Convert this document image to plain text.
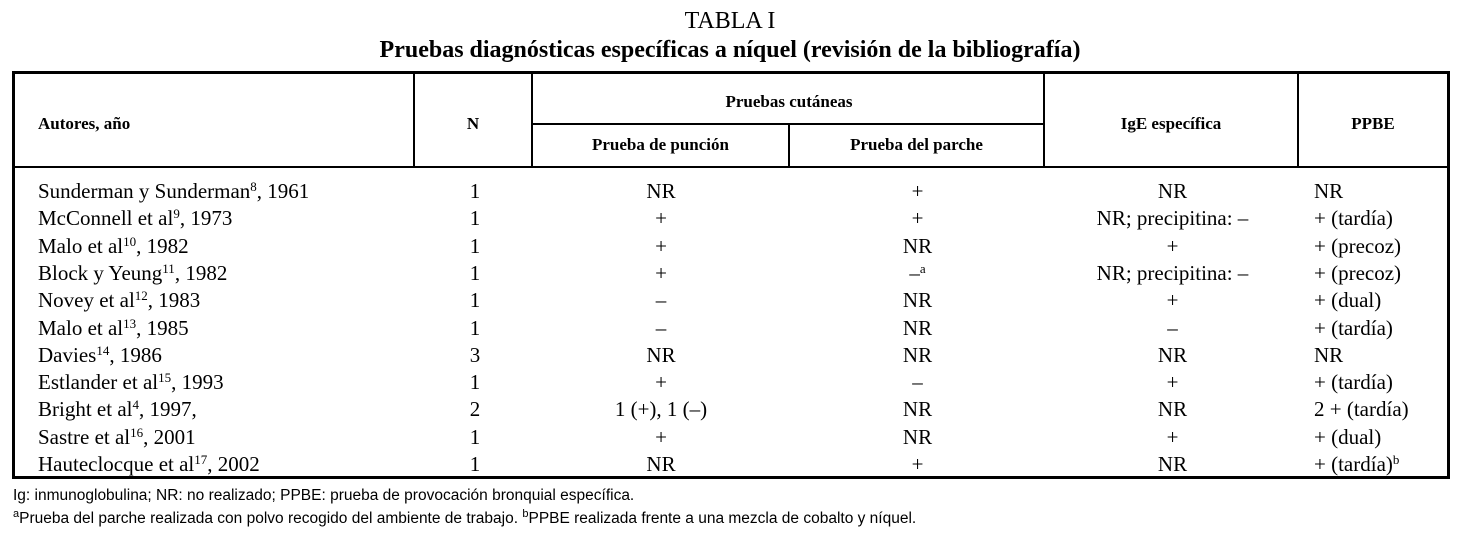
TABLA I
Pruebas diagnósticas específicas a níquel (revisión de la bibliografía)
Autores, año	N
Pruebas cutáneas
Prueba de punción	Prueba del parche
IgE específica	PPBE
Sunderman y Sunderman$^8$, 1961	1	NR	+	NR	NR
McConnell et $al^9$, 1973	1	+	+	NR; precipitina: –	+ (tardía)
Malo et $al^{10}$, 1982	1	+	NR	+	+ (precoz)
Block y Yeung$^{11}$, 1982	1	+	–$^a$	NR; precipitina: –	+ (precoz)
Novey et $al^{12}$, 1983	1	–	NR	+	+ (dual)
Malo et $al^{13}$, 1985	1	–	NR	–	+ (tardía)
Davies$^{14}$, 1986	3	NR	NR	NR	NR
Estlander et $al^{15}$, 1993	1	+	–	+	+ (tardía)
Bright et $al^4$, 1997,	2	1 (+), 1 (–)	NR	NR	2 + (tardía)
Sastre et $al^{16}$, 2001	1	+	NR	+	+ (dual)
Hauteclocque et $al^{17}$, 2002	1	NR	+	NR	+ (tardía)$^b$
Ig: inmunoglobulina; NR: no realizado; PPBE: prueba de provocación bronquial específica.
$^a$Prueba del parche realizada con polvo recogido del ambiente de trabajo. $^b$PPBE realizada frente a una mezcla de cobalto y níquel.
